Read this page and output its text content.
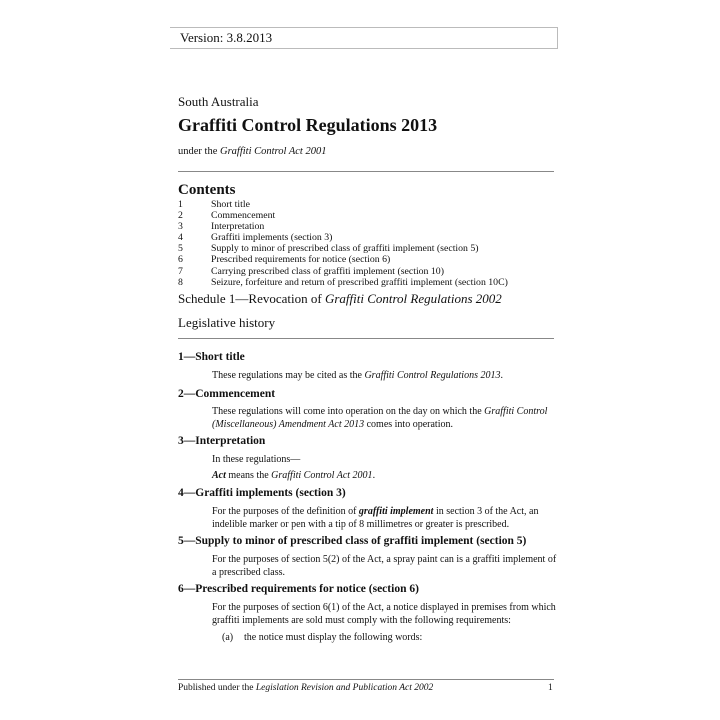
Version: 3.8.2013
South Australia
Graffiti Control Regulations 2013
under the Graffiti Control Act 2001
Contents
1	Short title
2	Commencement
3	Interpretation
4	Graffiti implements (section 3)
5	Supply to minor of prescribed class of graffiti implement (section 5)
6	Prescribed requirements for notice (section 6)
7	Carrying prescribed class of graffiti implement (section 10)
8	Seizure, forfeiture and return of prescribed graffiti implement (section 10C)
Schedule 1—Revocation of Graffiti Control Regulations 2002
Legislative history
1—Short title
These regulations may be cited as the Graffiti Control Regulations 2013.
2—Commencement
These regulations will come into operation on the day on which the Graffiti Control (Miscellaneous) Amendment Act 2013 comes into operation.
3—Interpretation
In these regulations—
Act means the Graffiti Control Act 2001.
4—Graffiti implements (section 3)
For the purposes of the definition of graffiti implement in section 3 of the Act, an indelible marker or pen with a tip of 8 millimetres or greater is prescribed.
5—Supply to minor of prescribed class of graffiti implement (section 5)
For the purposes of section 5(2) of the Act, a spray paint can is a graffiti implement of a prescribed class.
6—Prescribed requirements for notice (section 6)
For the purposes of section 6(1) of the Act, a notice displayed in premises from which graffiti implements are sold must comply with the following requirements:
(a) the notice must display the following words:
Published under the Legislation Revision and Publication Act 2002	1
